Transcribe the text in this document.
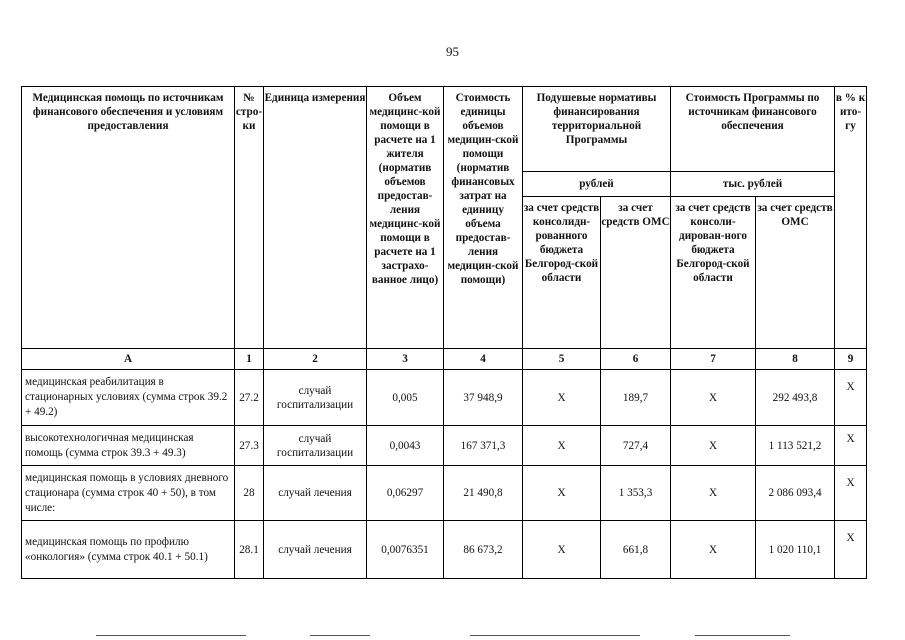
95
Медицинская помощь по источникам финансового обеспечения и условиям предоставления	№ стро-ки	Единица измерения	Объем медицинс-кой помощи в расчете на 1 жителя (норматив объемов предостав-ления медицинс-кой помощи в расчете на 1 застрахо-ванное лицо)	Стоимость единицы объемов медицин-ской помощи (норматив финансовых затрат на единицу объема предостав-ления медицин-ской помощи)	Подушевые нормативы финансирования территориальной Программы		Стоимость Программы по источникам финансового обеспечения		в % к ито-гу
					рублей		тыс. рублей		
					за счет средств консолидн-рованного бюджета Белгород-ской области	за счет средств ОМС	за счет средств консоли-дирован-ного бюджета Белгород-ской области	за счет средств ОМС	
А	1	2	3	4	5	6	7	8	9
медицинская реабилитация в стационарных условиях (сумма строк 39.2 + 49.2)	27.2	случай госпитализации	0,005	37 948,9	Х	189,7	Х	292 493,8	Х
высокотехнологичная медицинская помощь (сумма строк 39.3 + 49.3)	27.3	случай госпитализации	0,0043	167 371,3	Х	727,4	Х	1 113 521,2	Х
медицинская помощь в условиях дневного стационара (сумма строк 40 + 50), в том числе:	28	случай лечения	0,06297	21 490,8	Х	1 353,3	Х	2 086 093,4	Х
медицинская помощь по профилю «онкология» (сумма строк 40.1 + 50.1)	28.1	случай лечения	0,0076351	86 673,2	Х	661,8	Х	1 020 110,1	Х
